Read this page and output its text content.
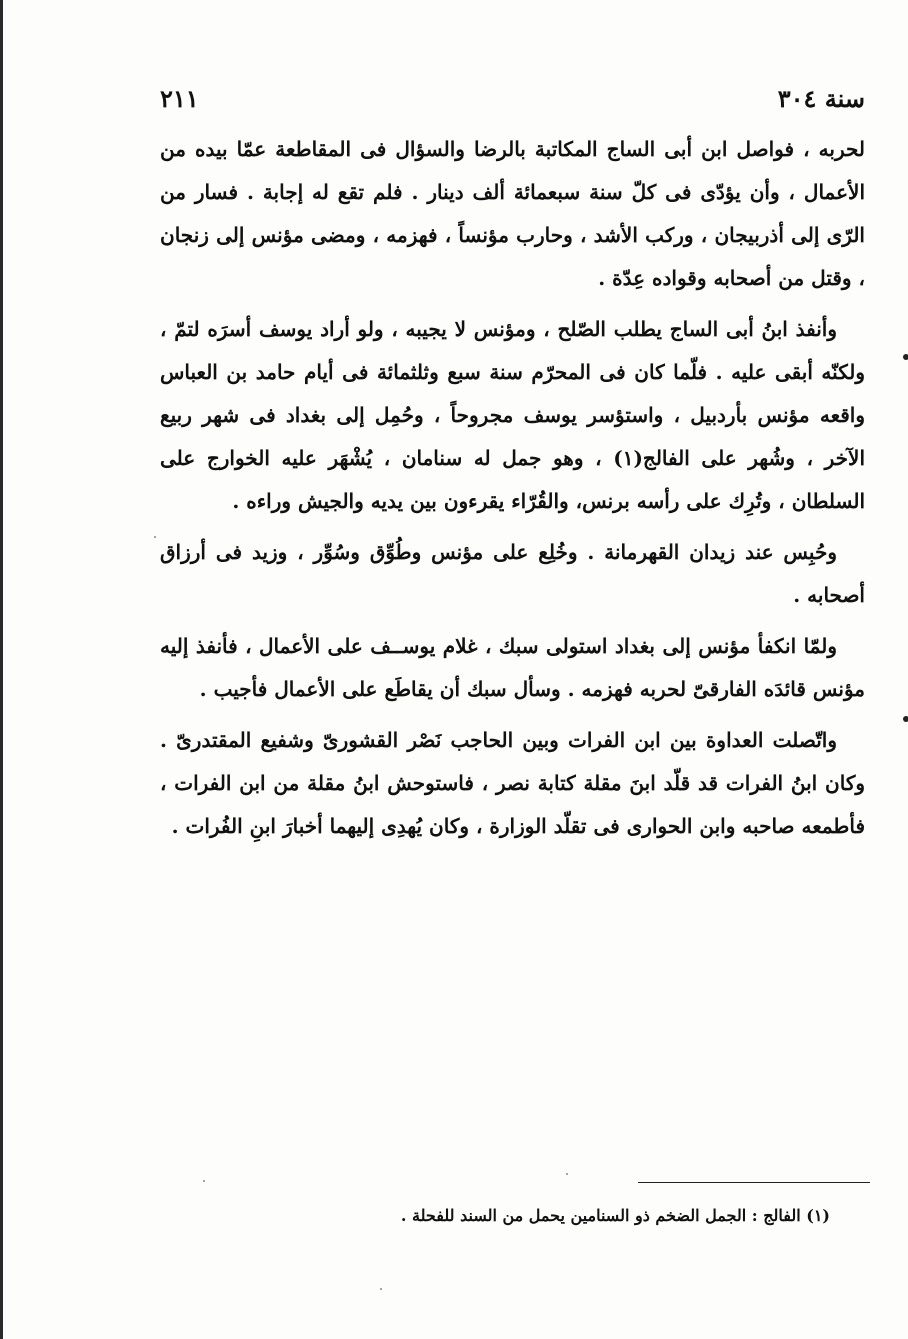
سنة ٣٠٤
٢١١

لحربه ، فواصل ابن أبى الساج المكاتبة بالرضا والسؤال فى المقاطعة عمّا بيده من الأعمال ، وأن يؤدّى فى كلّ سنة سبعمائة ألف دينار . فلم تقع له إجابة . فسار من الرّى إلى أذربيجان ، وركب الأشد ، وحارب مؤنساً ، فهزمه ، ومضى مؤنس إلى زنجان ، وقتل من أصحابه وقواده عِدّة .

وأنفذ ابنُ أبى الساج يطلب الصّلح ، ومؤنس لا يجيبه ، ولو أراد يوسف أسرَه لتمّ ، ولكنّه أبقى عليه . فلّما كان فى المحرّم سنة سبع وثلثمائة فى أيام حامد بن العباس واقعه مؤنس بأردبيل ، واستؤسر يوسف مجروحاً ، وحُمِل إلى بغداد فى شهر ربيع الآخر ، وشُهر على الفالج(١) ، وهو جمل له سنامان ، يُشْهَر عليه الخوارج على السلطان ، وتُرِك على رأسه برنس، والقُرّاء يقرءون بين يديه والجيش وراءه .

وحُبِس عند زيدان القهرمانة . وخُلِع على مؤنس وطُوِّق وسُوِّر ، وزيد فى أرزاق أصحابه .

ولمّا انكفأ مؤنس إلى بغداد استولى سبك ، غلام يوســف على الأعمال ، فأنفذ إليه مؤنس قائدَه الفارقىّ لحربه فهزمه . وسأل سبك أن يقاطَع على الأعمال فأجيب .

واتّصلت العداوة بين ابن الفرات وبين الحاجب نَصْر القشورىّ وشفيع المقتدرىّ . وكان ابنُ الفرات قد قلّد ابنَ مقلة كتابة نصر ، فاستوحش ابنُ مقلة من ابن الفرات ، فأطمعه صاحبه وابن الحوارى فى تقلّد الوزارة ، وكان يُهدِى إليهما أخبارَ ابنِ الفُرات .

(١) الفالج : الجمل الضخم ذو السنامين يحمل من السند للفحلة .
